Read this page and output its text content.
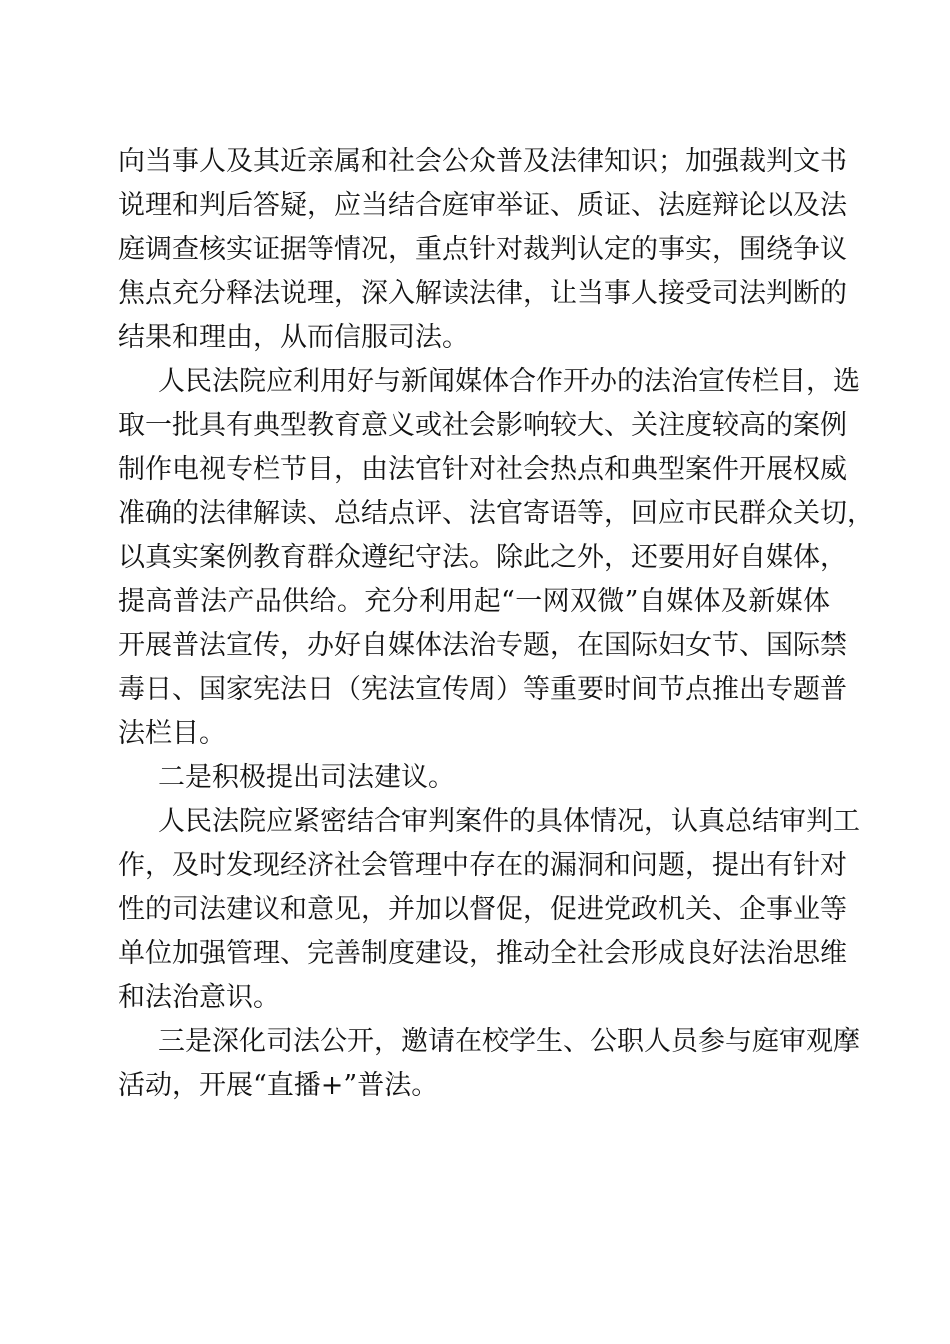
向当事人及其近亲属和社会公众普及法律知识；加强裁判文书
说理和判后答疑，应当结合庭审举证、质证、法庭辩论以及法
庭调查核实证据等情况，重点针对裁判认定的事实，围绕争议
焦点充分释法说理，深入解读法律，让当事人接受司法判断的
结果和理由，从而信服司法。
人民法院应利用好与新闻媒体合作开办的法治宣传栏目，选
取一批具有典型教育意义或社会影响较大、关注度较高的案例
制作电视专栏节目，由法官针对社会热点和典型案件开展权威
准确的法律解读、总结点评、法官寄语等，回应市民群众关切，
以真实案例教育群众遵纪守法。除此之外，还要用好自媒体，
提高普法产品供给。充分利用起“一网双微”自媒体及新媒体
开展普法宣传，办好自媒体法治专题，在国际妇女节、国际禁
毒日、国家宪法日（宪法宣传周）等重要时间节点推出专题普
法栏目。
二是积极提出司法建议。
人民法院应紧密结合审判案件的具体情况，认真总结审判工
作，及时发现经济社会管理中存在的漏洞和问题，提出有针对
性的司法建议和意见，并加以督促，促进党政机关、企事业等
单位加强管理、完善制度建设，推动全社会形成良好法治思维
和法治意识。
三是深化司法公开，邀请在校学生、公职人员参与庭审观摩
活动，开展“直播+”普法。
